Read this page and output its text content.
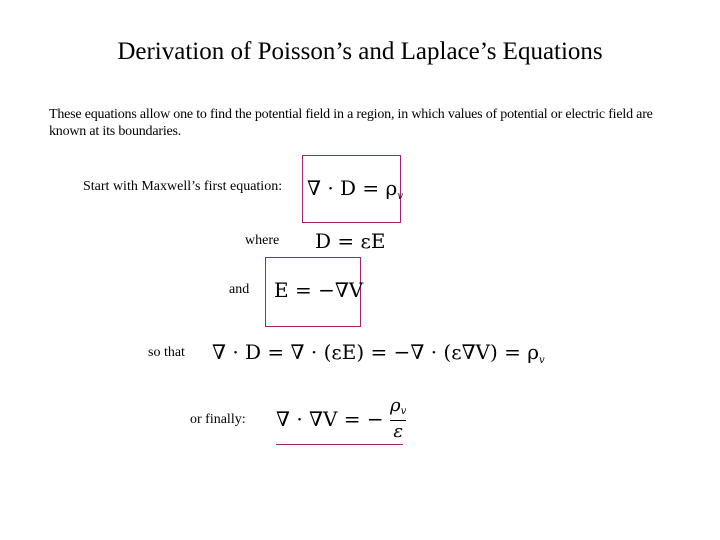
Derivation of Poisson’s and Laplace’s Equations
These equations allow one to find the potential field in a region, in which values of potential or electric field are known at its boundaries.
Start with Maxwell’s first equation: ∇ · $D = \rho_v$
where D = εE
and E = −∇V
so that ∇ · D = ∇ · (εE) = −∇ · $(\varepsilon\nabla V) = \rho_v$
or finally: ∇ · ∇V = − $\frac{\rho v}{\varepsilon}$
